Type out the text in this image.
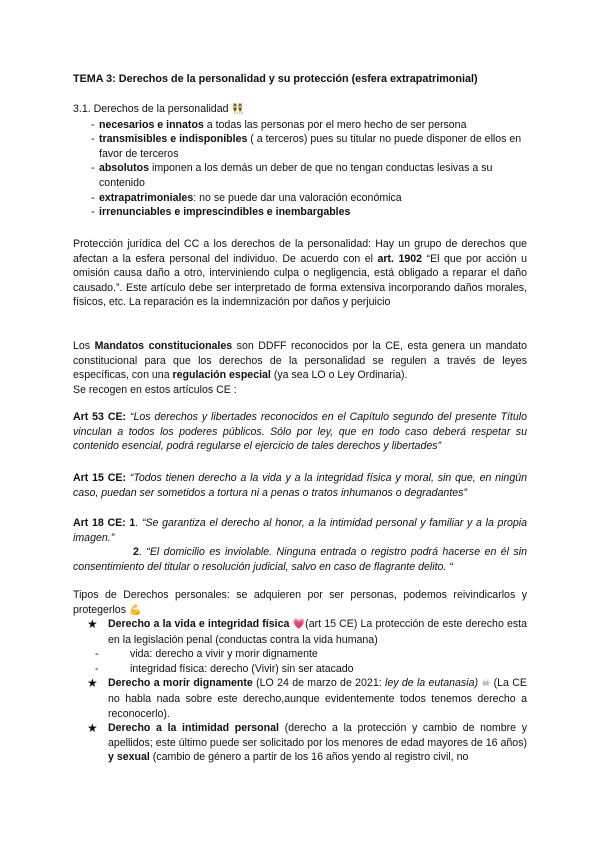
TEMA 3: Derechos de la personalidad y su protección (esfera extrapatrimonial)
3.1. Derechos de la personalidad 👯
- necesarios e innatos a todas las personas por el mero hecho de ser persona
- transmisibles e indisponibles ( a terceros) pues su titular no puede disponer de ellos en favor de terceros
- absolutos imponen a los demás un deber de que no tengan conductas lesivas a su contenido
- extrapatrimoniales: no se puede dar una valoración económica
- irrenunciables e imprescindibles e inembargables
Protección jurídica del CC a los derechos de la personalidad: Hay un grupo de derechos que afectan a la esfera personal del individuo. De acuerdo con el art. 1902 “El que por acción u omisión causa daño a otro, interviniendo culpa o negligencia, está obligado a reparar el daño causado.”. Este artículo debe ser interpretado de forma extensiva incorporando daños morales, físicos, etc. La reparación es la indemnización por daños y perjuicio
Los Mandatos constitucionales son DDFF reconocidos por la CE, esta genera un mandato constitucional para que los derechos de la personalidad se regulen a través de leyes específicas, con una regulación especial (ya sea LO o Ley Ordinaria).
Se recogen en estos artículos CE :
Art 53 CE: “Los derechos y libertades reconocidos en el Capítulo segundo del presente Título vinculan a todos los poderes públicos. Sólo por ley, que en todo caso deberá respetar su contenido esencial, podrá regularse el ejercicio de tales derechos y libertades”
Art 15 CE: “Todos tienen derecho a la vida y a la integridad física y moral, sin que, en ningún caso, puedan ser sometidos a tortura ni a penas o tratos inhumanos o degradantes”
Art 18 CE: 1. “Se garantiza el derecho al honor, a la intimidad personal y familiar y a la propia imagen.”
2. “El domicilio es inviolable. Ninguna entrada o registro podrá hacerse en él sin consentimiento del titular o resolución judicial, salvo en caso de flagrante delito. “
Tipos de Derechos personales: se adquieren por ser personas, podemos reivindicarlos y protegerlos 💪
★ Derecho a la vida e integridad física 💗(art 15 CE) La protección de este derecho esta en la legislación penal (conductas contra la vida humana)
- vida: derecho a vivir y morir dignamente
- integridad física: derecho (Vivir) sin ser atacado
★ Derecho a morir dignamente (LO 24 de marzo de 2021: ley de la eutanasia) ☠ (La CE no habla nada sobre este derecho,aunque evidentemente todos tenemos derecho a reconocerlo).
★ Derecho a la intimidad personal (derecho a la protección y cambio de nombre y apellidos; este último puede ser solicitado por los menores de edad mayores de 16 años) y sexual (cambio de género a partir de los 16 años yendo al registro civil, no
